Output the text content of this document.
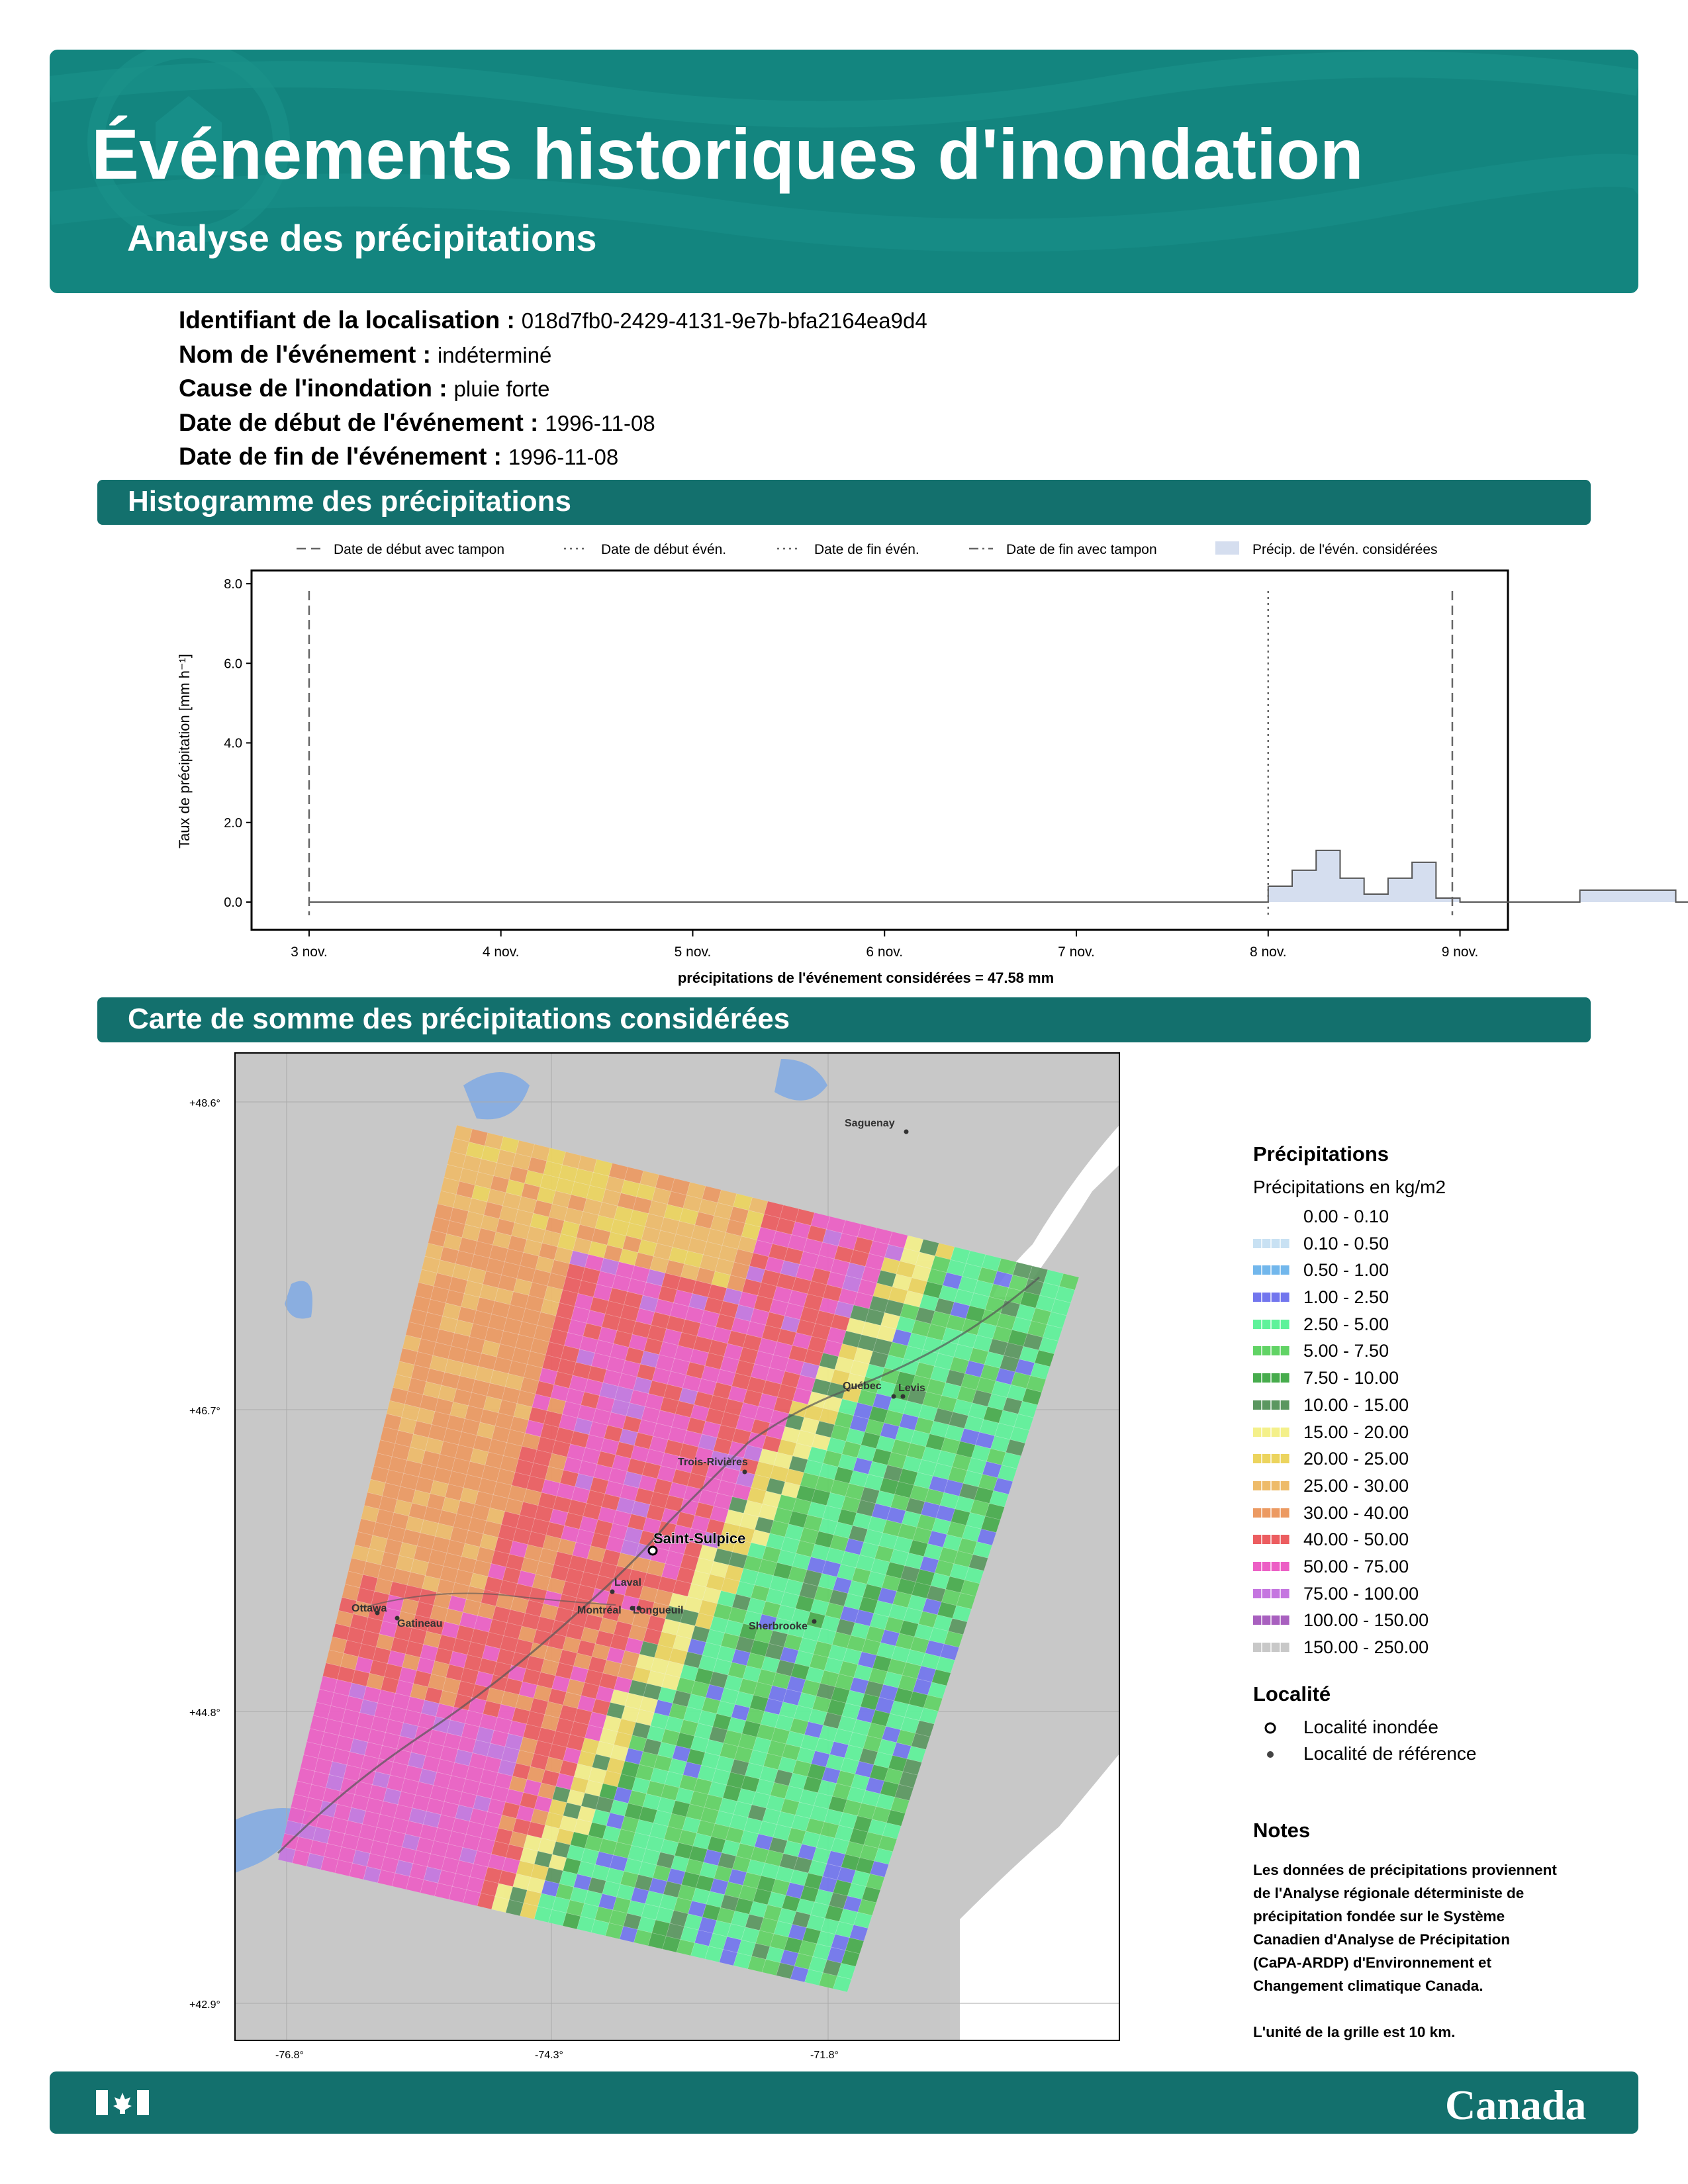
Événements historiques d'inondation
Analyse des précipitations
Identifiant de la localisation : 018d7fb0-2429-4131-9e7b-bfa2164ea9d4
Nom de l'événement : indéterminé
Cause de l'inondation : pluie forte
Date de début de l'événement : 1996-11-08
Date de fin de l'événement : 1996-11-08
Histogramme des précipitations
Date de début avec tampon	Date de début évén.	Date de fin évén.	Date de fin avec tampon	Précip. de l'évén. considérées
0.0
2.0
4.0
6.0
8.0
3 nov.	4 nov.	5 nov.	6 nov.	7 nov.	8 nov.	9 nov.
Taux de précipitation [mm h⁻¹]
précipitations de l'événement considérées = 47.58 mm
Carte de somme des précipitations considérées
Saguenay
Québec Levis
Trois-Rivières
Saint-Sulpice
Laval
Ottawa
Gatineau
Montréal Longueuil
Sherbrooke
+48.6°
+46.7°
+44.8°
+42.9°
-76.8°	-74.3°	-71.8°
Précipitations
Précipitations en kg/m2
0.00 - 0.10
0.10 - 0.50
0.50 - 1.00
1.00 - 2.50
2.50 - 5.00
5.00 - 7.50
7.50 - 10.00
10.00 - 15.00
15.00 - 20.00
20.00 - 25.00
25.00 - 30.00
30.00 - 40.00
40.00 - 50.00
50.00 - 75.00
75.00 - 100.00
100.00 - 150.00
150.00 - 250.00
Localité
Localité inondée
Localité de référence
Notes
Les données de précipitations proviennent
de l'Analyse régionale déterministe de
précipitation fondée sur le Système
Canadien d'Analyse de Précipitation
(CaPA-ARDP) d'Environnement et
Changement climatique Canada.

L'unité de la grille est 10 km.
Government
of Canada
Gouvernement
du Canada
Canada
